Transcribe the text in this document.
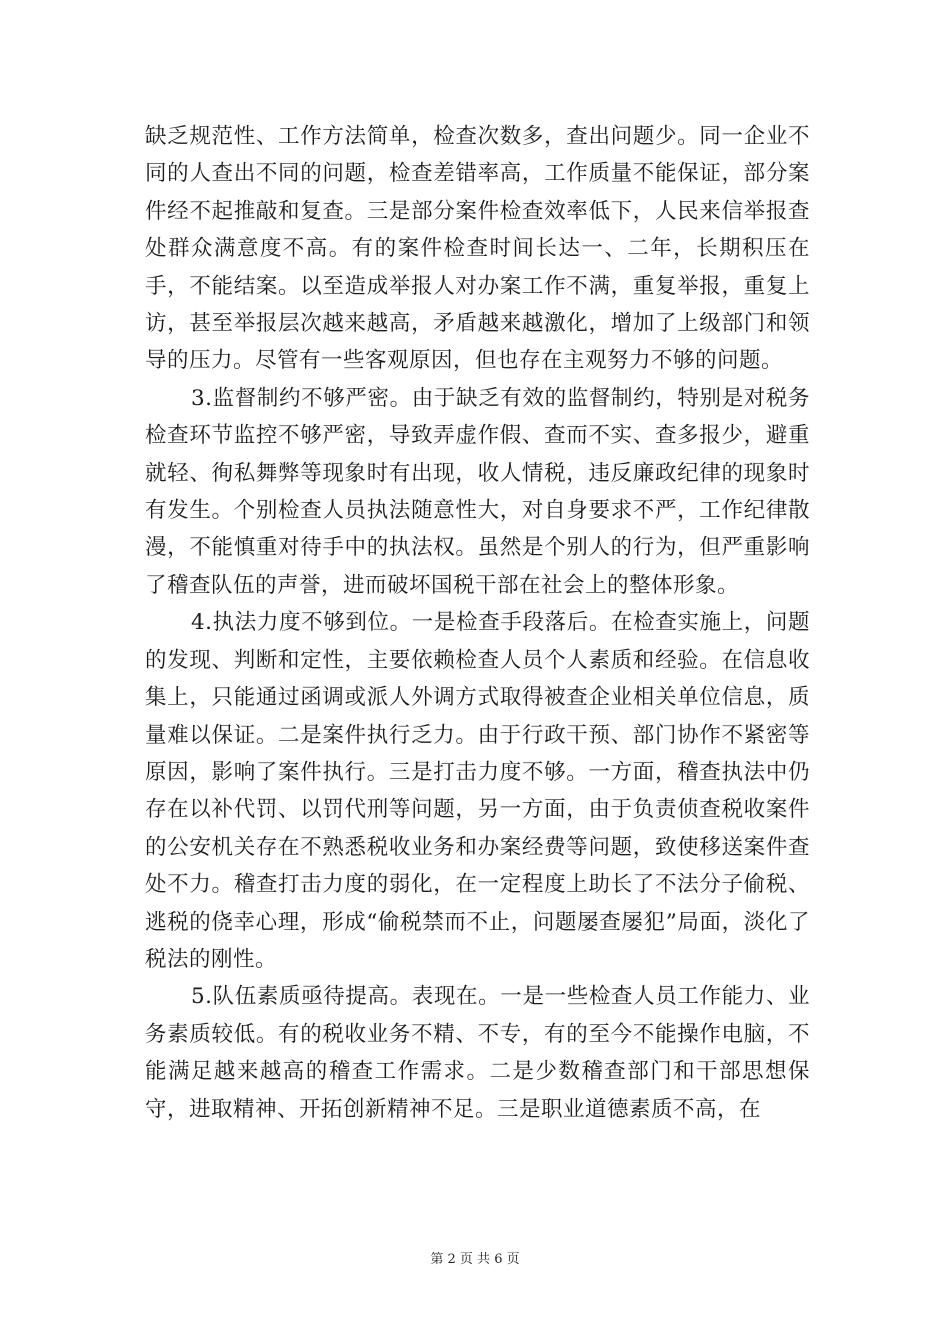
缺乏规范性、工作方法简单，检查次数多，查出问题少。同一企业不同的人查出不同的问题，检查差错率高，工作质量不能保证，部分案件经不起推敲和复查。三是部分案件检查效率低下，人民来信举报查处群众满意度不高。有的案件检查时间长达一、二年，长期积压在手，不能结案。以至造成举报人对办案工作不满，重复举报，重复上访，甚至举报层次越来越高，矛盾越来越激化，增加了上级部门和领导的压力。尽管有一些客观原因，但也存在主观努力不够的问题。

3.监督制约不够严密。由于缺乏有效的监督制约，特别是对税务检查环节监控不够严密，导致弄虚作假、查而不实、查多报少，避重就轻、徇私舞弊等现象时有出现，收人情税，违反廉政纪律的现象时有发生。个别检查人员执法随意性大，对自身要求不严，工作纪律散漫，不能慎重对待手中的执法权。虽然是个别人的行为，但严重影响了稽查队伍的声誉，进而破坏国税干部在社会上的整体形象。

4.执法力度不够到位。一是检查手段落后。在检查实施上，问题的发现、判断和定性，主要依赖检查人员个人素质和经验。在信息收集上，只能通过函调或派人外调方式取得被查企业相关单位信息，质量难以保证。二是案件执行乏力。由于行政干预、部门协作不紧密等原因，影响了案件执行。三是打击力度不够。一方面，稽查执法中仍存在以补代罚、以罚代刑等问题，另一方面，由于负责侦查税收案件的公安机关存在不熟悉税收业务和办案经费等问题，致使移送案件查处不力。稽查打击力度的弱化，在一定程度上助长了不法分子偷税、逃税的侥幸心理，形成“偷税禁而不止，问题屡查屡犯”局面，淡化了税法的刚性。

5.队伍素质亟待提高。表现在。一是一些检查人员工作能力、业务素质较低。有的税收业务不精、不专，有的至今不能操作电脑，不能满足越来越高的稽查工作需求。二是少数稽查部门和干部思想保守，进取精神、开拓创新精神不足。三是职业道德素质不高，在

第 2 页 共 6 页
